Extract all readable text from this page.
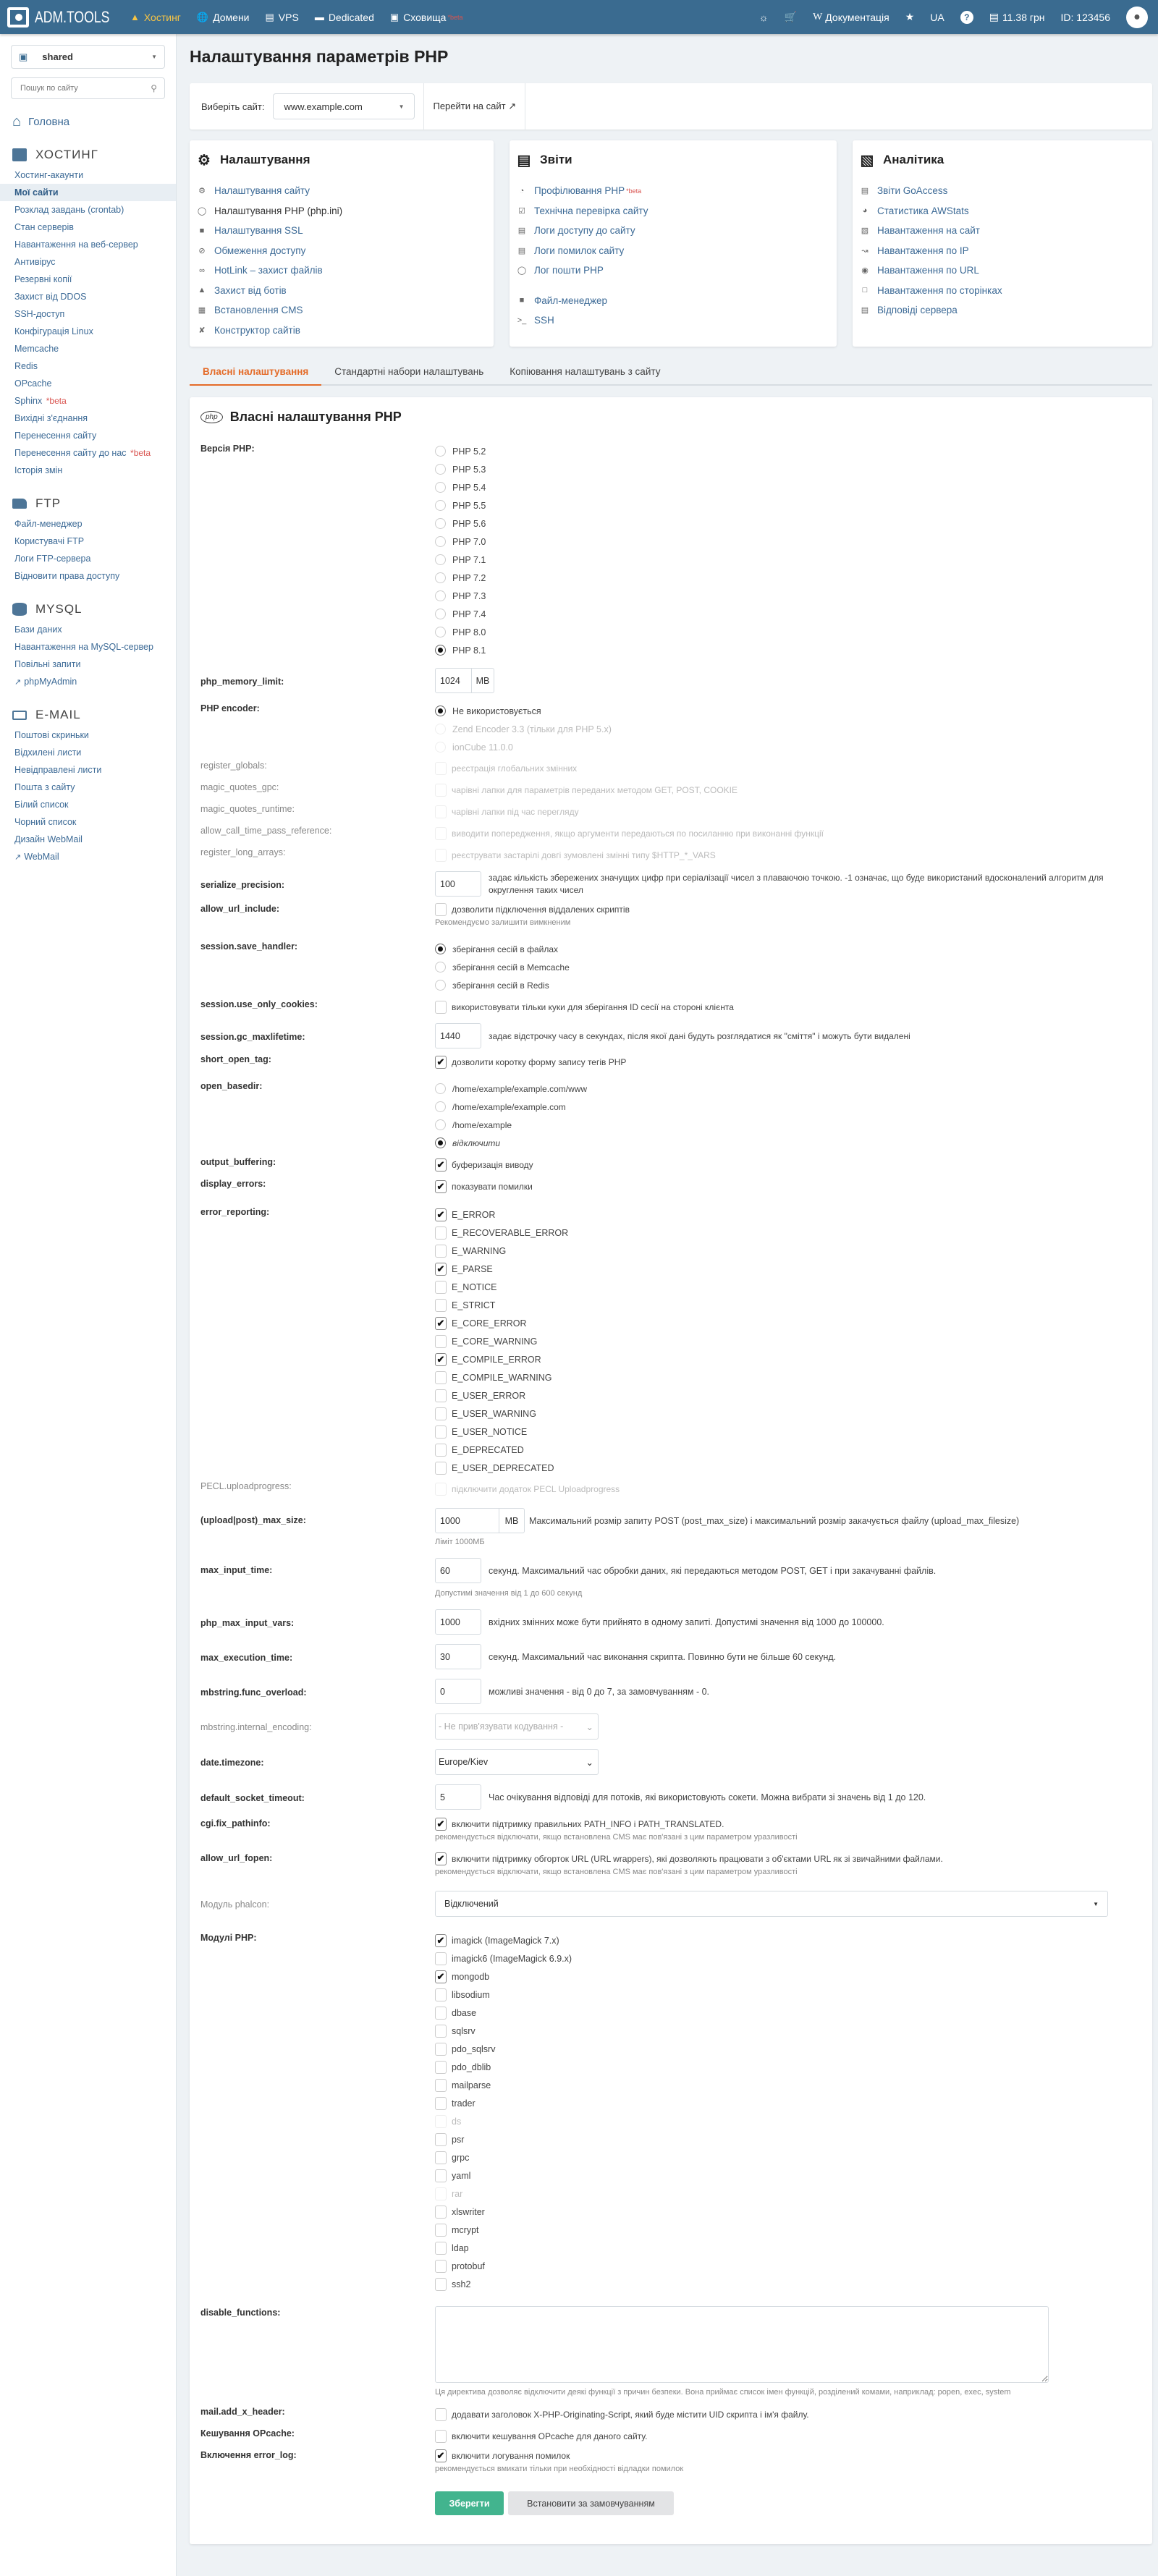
ADM.TOOLS ▲ Хостинг 🌐 Домени ▤ VPS ▬ Dedicated ▣ Сховища *beta	☼ 🛒 W Документація ★ UA	?	▤ 11.38 грн ID: 123456	●
▣ shared	▼
Пошук по сайту
⚲
⌂ Головна
ХОСТИНГ
Хостинг-акаунти
Мої сайти
Розклад завдань (crontab)
Стан серверів
Навантаження на веб-сервер
Антивірус
Резервні копії
Захист від DDOS
SSH-доступ
Конфігурація Linux
Memcache
Redis
OPcache
Sphinx *beta
Вихідні з'єднання
Перенесення сайту
Перенесення сайту до нас *beta
Історія змін
FTP
Файл-менеджер
Користувачі FTP
Логи FTP-сервера
Відновити права доступу
MYSQL
Бази даних
Навантаження на MySQL-сервер
Повільні запити
↗ phpMyAdmin
E-MAIL
Поштові скриньки
Відхилені листи
Невідправлені листи
Пошта з сайту
Білий список
Чорний список
Дизайн WebMail
↗ WebMail
Налаштування параметрів PHP
Виберіть сайт: www.example.com	▼	Перейти на сайт ↗
⚙ Налаштування
⚙ Налаштування сайту
◯ Налаштування PHP (php.ini)
■ Налаштування SSL
⊘ Обмеження доступу
∞ HotLink – захист файлів
▲ Захист від ботів
▦ Встановлення CMS
✘ Конструктор сайтів
▤ Звіти
◔ Профілювання PHP *beta
☑ Технічна перевірка сайту
▤ Логи доступу до сайту
▤ Логи помилок сайту
◯ Лог пошти PHP
■ Файл-менеджер
>_ SSH
▧ Аналітика
▤ Звіти GoAccess
◕ Статистика AWStats
▧ Навантаження на сайт
↝ Навантаження по IP
◉ Навантаження по URL
□ Навантаження по сторінках
▤ Відповіді сервера
Власні налаштування	Стандартні набори налаштувань	Копіювання налаштувань з сайту
php Власні налаштування PHP
Версія PHP:	PHP 5.2
PHP 5.3
PHP 5.4
PHP 5.5
PHP 5.6
PHP 7.0
PHP 7.1
PHP 7.2
PHP 7.3
PHP 7.4
PHP 8.0
PHP 8.1
php_memory_limit:	1024	MB
PHP encoder:	Не використовується
Zend Encoder 3.3 (тільки для PHP 5.x)
ionCube 11.0.0
register_globals:	реєстрація глобальних змінних
magic_quotes_gpc:	чарівні лапки для параметрів переданих методом GET, POST, COOKIE
magic_quotes_runtime:	чарівні лапки під час перегляду
allow_call_time_pass_reference:	виводити попередження, якщо аргументи передаються по посиланню при виконанні функції
register_long_arrays:	реєструвати застарілі довгі зумовлені змінні типу $HTTP_*_VARS
serialize_precision:	100
задає кількість збережених значущих цифр при серіалізації чисел з плаваючою точкою. -1 означає, що буде використаний вдосконалений алгоритм для округлення таких чисел
allow_url_include:	дозволити підключення віддалених скриптів
Рекомендуємо залишити вимкненим
session.save_handler:	зберігання сесій в файлах
зберігання сесій в Memcache
зберігання сесій в Redis
session.use_only_cookies:	використовувати тільки куки для зберігання ID сесії на стороні клієнта
session.gc_maxlifetime:	1440	задає відстрочку часу в секундах, після якої дані будуть розглядатися як "сміття" і можуть бути видалені
short_open_tag:	✔ дозволити коротку форму запису тегів PHP
open_basedir:	/home/example/example.com/www
/home/example/example.com
/home/example
відключити
output_buffering:	✔ буферизація виводу
display_errors:	✔ показувати помилки
error_reporting:	✔ E_ERROR
E_RECOVERABLE_ERROR
E_WARNING
✔ E_PARSE
E_NOTICE
E_STRICT
✔ E_CORE_ERROR
E_CORE_WARNING
✔ E_COMPILE_ERROR
E_COMPILE_WARNING
E_USER_ERROR
E_USER_WARNING
E_USER_NOTICE
E_DEPRECATED
E_USER_DEPRECATED
PECL.uploadprogress:	підключити додаток PECL Uploadprogress
(upload|post)_max_size:	1000	MB	Максимальний розмір запиту POST (post_max_size) і максимальний розмір закачується файлу (upload_max_filesize)
Ліміт 1000МБ
max_input_time:	60	секунд. Максимальний час обробки даних, які передаються методом POST, GET і при закачуванні файлів.
Допустимі значення від 1 до 600 секунд
php_max_input_vars:	1000	вхідних змінних може бути прийнято в одному запиті. Допустимі значення від 1000 до 100000.
max_execution_time:	30	секунд. Максимальний час виконання скрипта. Повинно бути не більше 60 секунд.
mbstring.func_overload:	0	можливі значення - від 0 до 7, за замовчуванням - 0.
mbstring.internal_encoding:	- Не прив'язувати кодування - ⌄
date.timezone:	Europe/Kiev	⌄
default_socket_timeout:	5	Час очікування відповіді для потоків, які використовують сокети. Можна вибрати зі значень від 1 до 120.
cgi.fix_pathinfo:	✔ включити підтримку правильних PATH_INFO і PATH_TRANSLATED.
рекомендується відключати, якщо встановлена CMS має пов'язані з цим параметром уразливості
allow_url_fopen:	✔ включити підтримку обгорток URL (URL wrappers), які дозволяють працювати з об'єктами URL як зі звичайними файлами.
рекомендується відключати, якщо встановлена CMS має пов'язані з цим параметром уразливості
Модуль phalcon:	Відключений	▼
Модулі PHP:	✔ imagick (ImageMagick 7.x)
imagick6 (ImageMagick 6.9.x)
✔ mongodb
libsodium
dbase
sqlsrv
pdo_sqlsrv
pdo_dblib
mailparse
trader
ds
psr
grpc
yaml
rar
xlswriter
mcrypt
ldap
protobuf
ssh2
disable_functions:
Ця директива дозволяє відключити деякі функції з причин безпеки. Вона приймає список імен функцій, розділений комами, наприклад: popen, exec, system
mail.add_x_header:	додавати заголовок X-PHP-Originating-Script, який буде містити UID скрипта і ім'я файлу.
Кешування OPcache:	включити кешування OPcache для даного сайту.
Включення error_log:	✔ включити логування помилок
рекомендується вмикати тільки при необхідності відладки помилок
Зберегти	Встановити за замовчуванням
